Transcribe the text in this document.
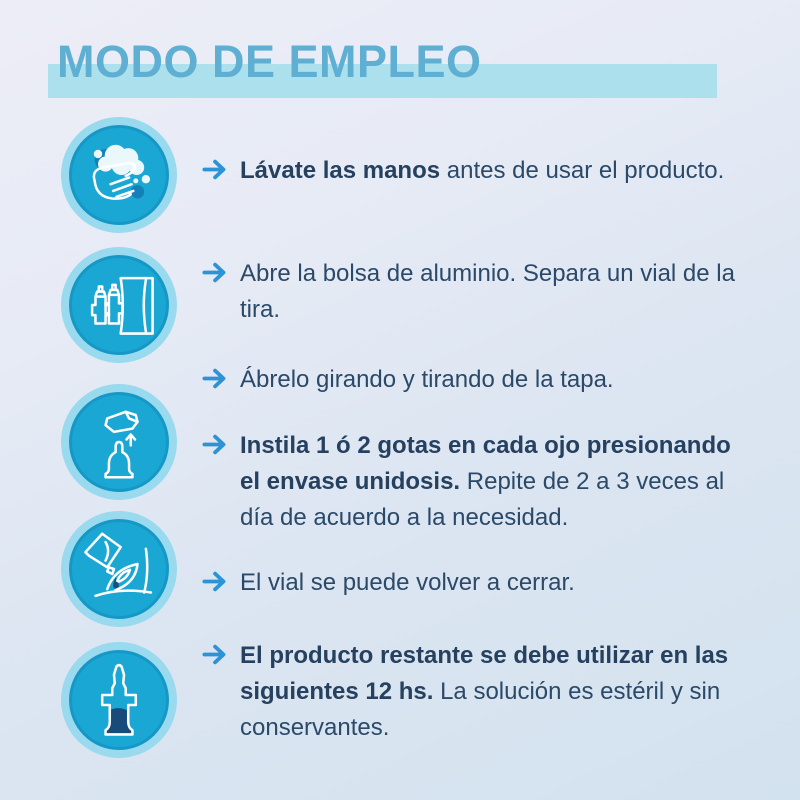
MODO DE EMPLEO

Lávate las manos antes de usar el producto.

Abre la bolsa de aluminio. Separa un vial de la tira.

Ábrelo girando y tirando de la tapa.

Instila 1 ó 2 gotas en cada ojo presionando el envase unidosis. Repite de 2 a 3 veces al día de acuerdo a la necesidad.

El vial se puede volver a cerrar.

El producto restante se debe utilizar en las siguientes 12 hs. La solución es estéril y sin conservantes.
